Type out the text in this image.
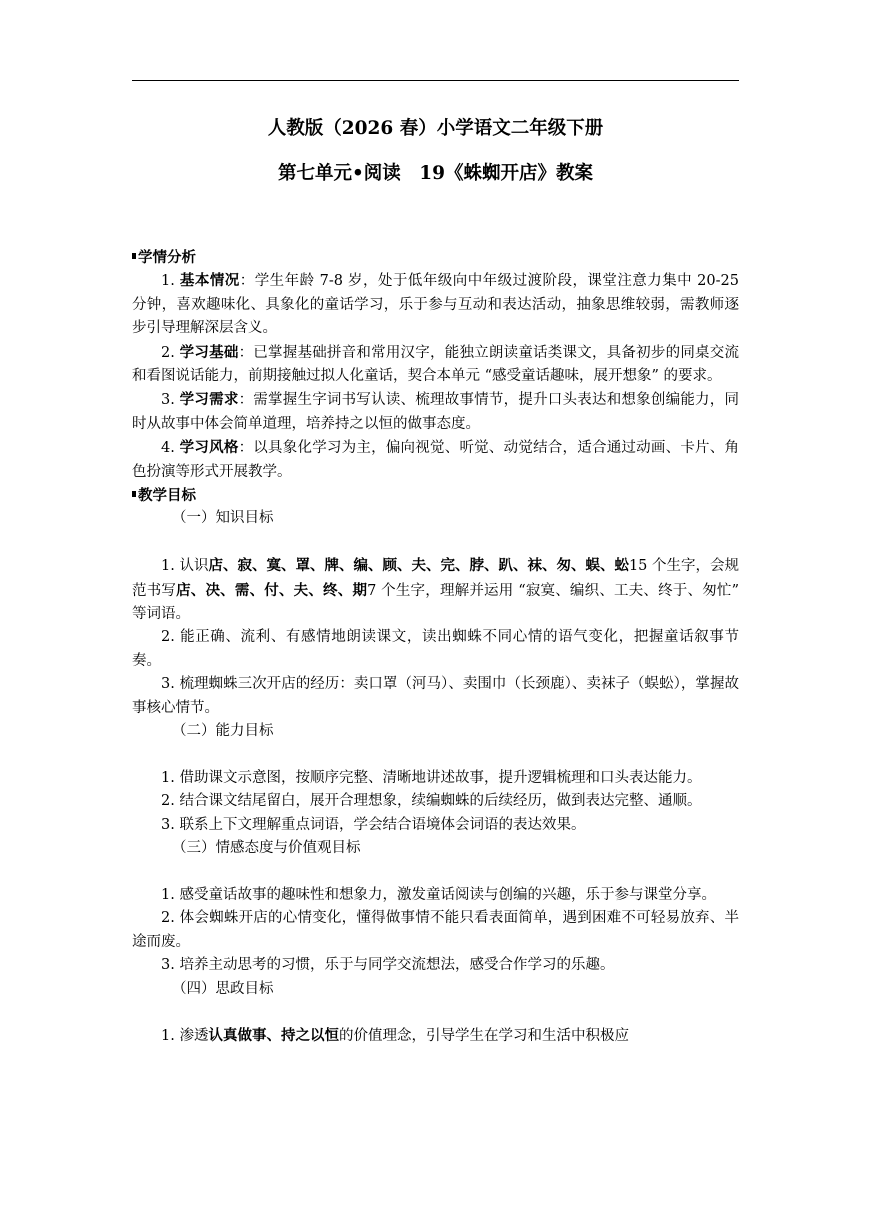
人教版（2026 春）小学语文二年级下册
第七单元•阅读　19《蛛蜘开店》教案

学情分析

1. 基本情况：学生年龄 7-8 岁，处于低年级向中年级过渡阶段，课堂注意力集中 20-25 分钟，喜欢趣味化、具象化的童话学习，乐于参与互动和表达活动，抽象思维较弱，需教师逐步引导理解深层含义。

2. 学习基础：已掌握基础拼音和常用汉字，能独立朗读童话类课文，具备初步的同桌交流和看图说话能力，前期接触过拟人化童话，契合本单元 “感受童话趣味，展开想象” 的要求。

3. 学习需求：需掌握生字词书写认读、梳理故事情节，提升口头表达和想象创编能力，同时从故事中体会简单道理，培养持之以恒的做事态度。

4. 学习风格：以具象化学习为主，偏向视觉、听觉、动觉结合，适合通过动画、卡片、角色扮演等形式开展教学。

教学目标

（一）知识目标

1. 认识店、寂、寞、罩、牌、编、顾、夫、完、脖、趴、袜、匆、蜈、蚣15 个生字，会规范书写店、决、需、付、夫、终、期7 个生字，理解并运用 “寂寞、编织、工夫、终于、匆忙” 等词语。

2. 能正确、流利、有感情地朗读课文，读出蜘蛛不同心情的语气变化，把握童话叙事节奏。

3. 梳理蜘蛛三次开店的经历：卖口罩（河马）、卖围巾（长颈鹿）、卖袜子（蜈蚣），掌握故事核心情节。

（二）能力目标

1. 借助课文示意图，按顺序完整、清晰地讲述故事，提升逻辑梳理和口头表达能力。

2. 结合课文结尾留白，展开合理想象，续编蜘蛛的后续经历，做到表达完整、通顺。

3. 联系上下文理解重点词语，学会结合语境体会词语的表达效果。

（三）情感态度与价值观目标

1. 感受童话故事的趣味性和想象力，激发童话阅读与创编的兴趣，乐于参与课堂分享。

2. 体会蜘蛛开店的心情变化，懂得做事情不能只看表面简单，遇到困难不可轻易放弃、半途而废。

3. 培养主动思考的习惯，乐于与同学交流想法，感受合作学习的乐趣。

（四）思政目标

1. 渗透认真做事、持之以恒的价值理念，引导学生在学习和生活中积极应
